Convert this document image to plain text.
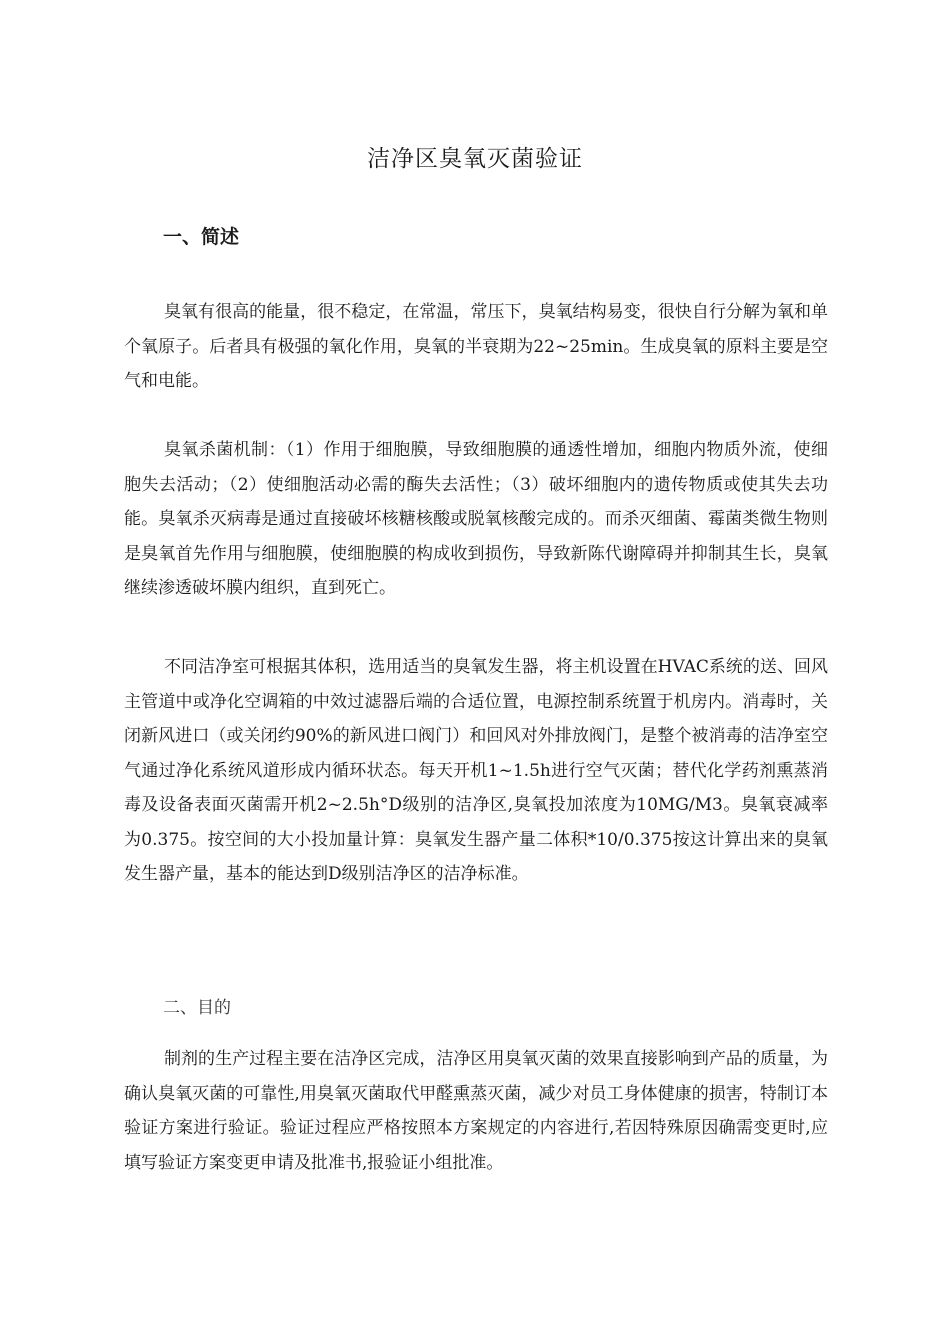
洁净区臭氧灭菌验证
一、简述

臭氧有很高的能量，很不稳定，在常温，常压下，臭氧结构易变，很快自行分解为氧和单个氧原子。后者具有极强的氧化作用，臭氧的半衰期为22~25min。生成臭氧的原料主要是空气和电能。

臭氧杀菌机制：（1）作用于细胞膜，导致细胞膜的通透性增加，细胞内物质外流，使细胞失去活动；（2）使细胞活动必需的酶失去活性；（3）破坏细胞内的遗传物质或使其失去功能。臭氧杀灭病毒是通过直接破坏核糖核酸或脱氧核酸完成的。而杀灭细菌、霉菌类微生物则是臭氧首先作用与细胞膜，使细胞膜的构成收到损伤，导致新陈代谢障碍并抑制其生长，臭氧继续渗透破坏膜内组织，直到死亡。

不同洁净室可根据其体积，选用适当的臭氧发生器，将主机设置在HVAC系统的送、回风主管道中或净化空调箱的中效过滤器后端的合适位置，电源控制系统置于机房内。消毒时，关闭新风进口（或关闭约90%的新风进口阀门）和回风对外排放阀门，是整个被消毒的洁净室空气通过净化系统风道形成内循环状态。每天开机1~1.5h进行空气灭菌；替代化学药剂熏蒸消毒及设备表面灭菌需开机2~2.5h°D级别的洁净区,臭氧投加浓度为10MG/M3。臭氧衰减率为0.375。按空间的大小投加量计算：臭氧发生器产量二体积*10/0.375按这计算出来的臭氧发生器产量，基本的能达到D级别洁净区的洁净标准。

二、目的

制剂的生产过程主要在洁净区完成，洁净区用臭氧灭菌的效果直接影响到产品的质量，为确认臭氧灭菌的可靠性,用臭氧灭菌取代甲醛熏蒸灭菌，减少对员工身体健康的损害，特制订本验证方案进行验证。验证过程应严格按照本方案规定的内容进行,若因特殊原因确需变更时,应填写验证方案变更申请及批准书,报验证小组批准。
